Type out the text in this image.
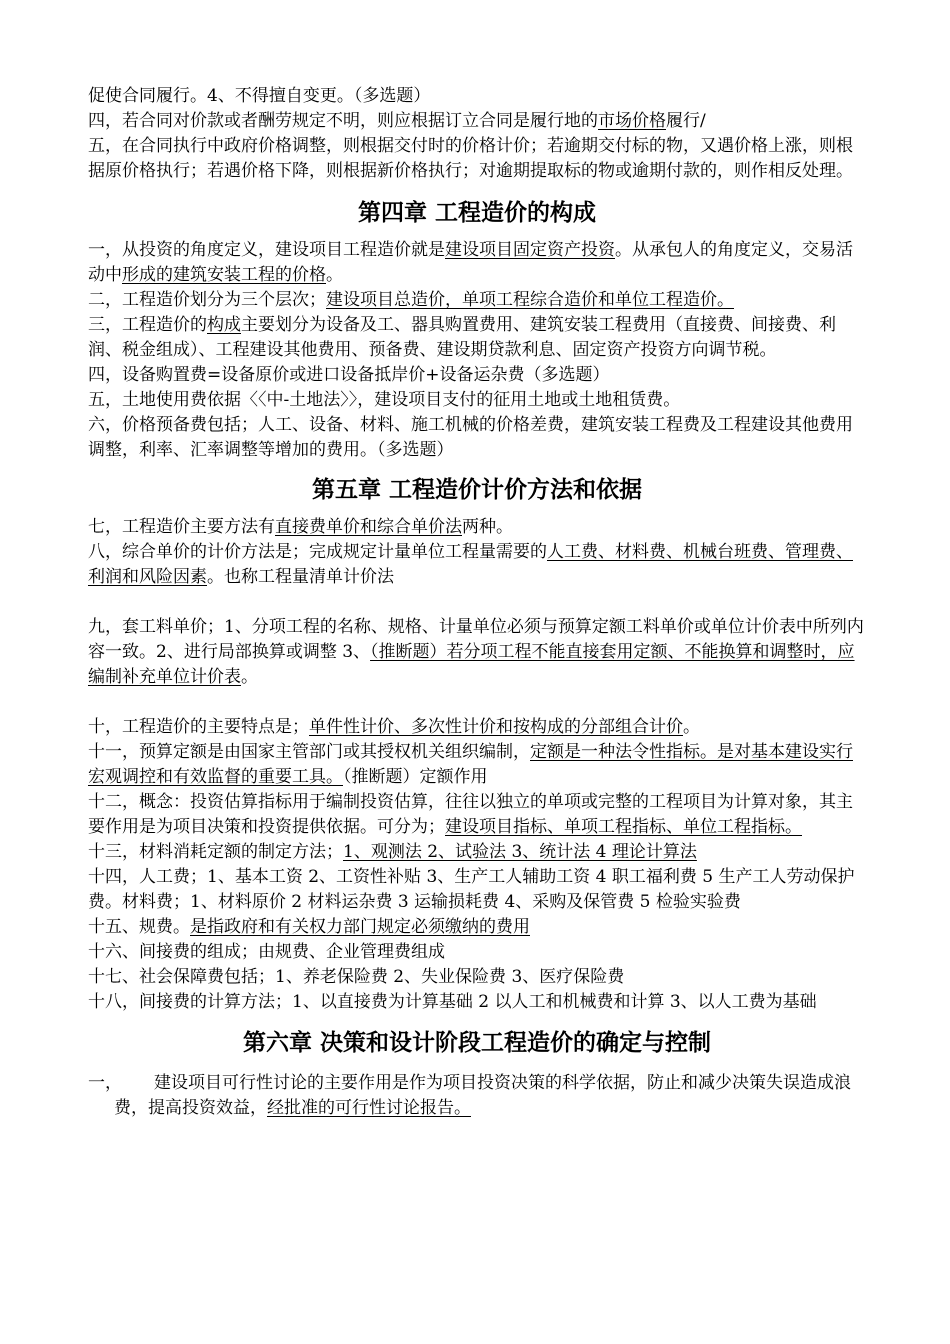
促使合同履行。4、不得擅自变更。（多选题）

四，若合同对价款或者酬劳规定不明，则应根据订立合同是履行地的市场价格履行/

五，在合同执行中政府价格调整，则根据交付时的价格计价；若逾期交付标的物，又遇价格上涨，则根据原价格执行；若遇价格下降，则根据新价格执行；对逾期提取标的物或逾期付款的，则作相反处理。

第四章 工程造价的构成

一，从投资的角度定义，建设项目工程造价就是建设项目固定资产投资。从承包人的角度定义，交易活动中形成的建筑安装工程的价格。

二，工程造价划分为三个层次；建设项目总造价，单项工程综合造价和单位工程造价。

三，工程造价的构成主要划分为设备及工、器具购置费用、建筑安装工程费用（直接费、间接费、利润、税金组成）、工程建设其他费用、预备费、建设期贷款利息、固定资产投资方向调节税。

四，设备购置费=设备原价或进口设备抵岸价+设备运杂费（多选题）

五，土地使用费依据〈〈中-土地法〉〉，建设项目支付的征用土地或土地租赁费。

六，价格预备费包括；人工、设备、材料、施工机械的价格差费，建筑安装工程费及工程建设其他费用调整，利率、汇率调整等增加的费用。（多选题）

第五章 工程造价计价方法和依据

七，工程造价主要方法有直接费单价和综合单价法两种。

八，综合单价的计价方法是；完成规定计量单位工程量需要的人工费、材料费、机械台班费、管理费、利润和风险因素。也称工程量清单计价法

九，套工料单价；1、分项工程的名称、规格、计量单位必须与预算定额工料单价或单位计价表中所列内容一致。2、进行局部换算或调整 3、（推断题）若分项工程不能直接套用定额、不能换算和调整时，应编制补充单位计价表。

十，工程造价的主要特点是；单件性计价、多次性计价和按构成的分部组合计价。

十一，预算定额是由国家主管部门或其授权机关组织编制，定额是一种法令性指标。是对基本建设实行宏观调控和有效监督的重要工具。（推断题）定额作用

十二，概念：投资估算指标用于编制投资估算，往往以独立的单项或完整的工程项目为计算对象，其主要作用是为项目决策和投资提供依据。可分为；建设项目指标、单项工程指标、单位工程指标。

十三，材料消耗定额的制定方法；1、观测法 2、试验法 3、统计法 4 理论计算法

十四，人工费；1、基本工资 2、工资性补贴 3、生产工人辅助工资 4 职工福利费 5 生产工人劳动保护费。材料费；1、材料原价 2 材料运杂费 3 运输损耗费 4、采购及保管费 5 检验实验费

十五、规费。是指政府和有关权力部门规定必须缴纳的费用

十六、间接费的组成；由规费、企业管理费组成

十七、社会保障费包括；1、养老保险费 2、失业保险费 3、医疗保险费

十八，间接费的计算方法；1、以直接费为计算基础 2 以人工和机械费和计算 3、以人工费为基础

第六章 决策和设计阶段工程造价的确定与控制

一， 建设项目可行性讨论的主要作用是作为项目投资决策的科学依据，防止和减少决策失误造成浪费，提高投资效益，经批准的可行性讨论报告。
